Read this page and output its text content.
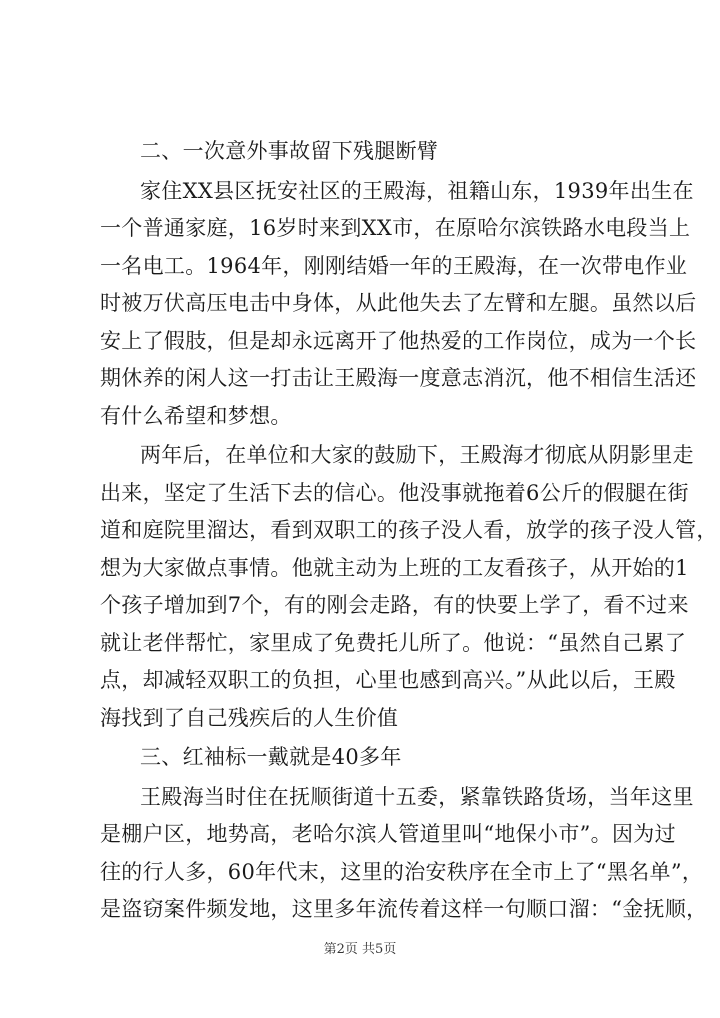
二、一次意外事故留下残腿断臂
家住XX县区抚安社区的王殿海，祖籍山东，1939年出生在
一个普通家庭，16岁时来到XX市，在原哈尔滨铁路水电段当上
一名电工。1964年，刚刚结婚一年的王殿海，在一次带电作业
时被万伏高压电击中身体，从此他失去了左臂和左腿。虽然以后
安上了假肢，但是却永远离开了他热爱的工作岗位，成为一个长
期休养的闲人这一打击让王殿海一度意志消沉，他不相信生活还
有什么希望和梦想。
两年后，在单位和大家的鼓励下，王殿海才彻底从阴影里走
出来，坚定了生活下去的信心。他没事就拖着6公斤的假腿在街
道和庭院里溜达，看到双职工的孩子没人看，放学的孩子没人管，
想为大家做点事情。他就主动为上班的工友看孩子，从开始的1
个孩子增加到7个，有的刚会走路，有的快要上学了，看不过来
就让老伴帮忙，家里成了免费托儿所了。他说：“虽然自己累了
点，却减轻双职工的负担，心里也感到高兴。”从此以后，王殿
海找到了自己残疾后的人生价值
三、红袖标一戴就是40多年
王殿海当时住在抚顺街道十五委，紧靠铁路货场，当年这里
是棚户区，地势高，老哈尔滨人管道里叫“地保小市”。因为过
往的行人多，60年代末，这里的治安秩序在全市上了“黑名单”，
是盗窃案件频发地，这里多年流传着这样一句顺口溜：“金抚顺，
第2页 共5页
